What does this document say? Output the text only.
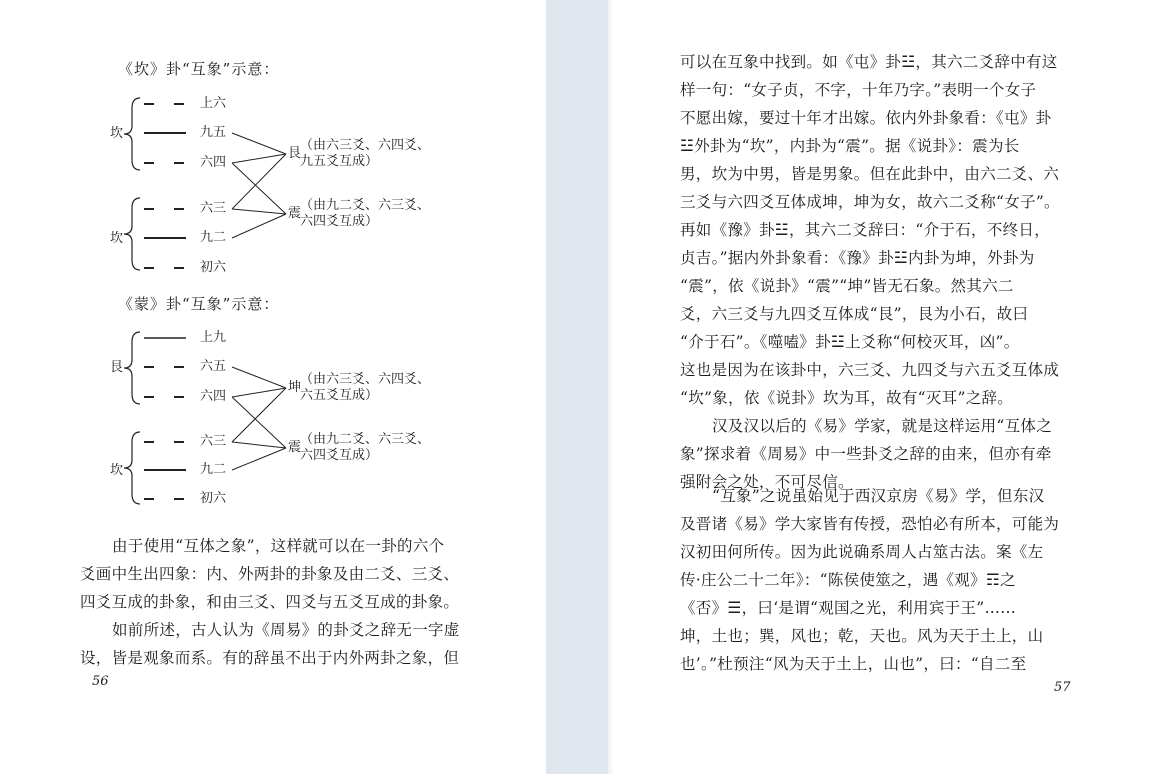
《坎》卦“互象”示意：
坎
坎
上六
九五
六四
六三
九二
初六
艮
（由六三爻、六四爻、
九五爻互成）
震
（由九二爻、六三爻、
六四爻互成）
《蒙》卦“互象”示意：
艮
坎
上九
六五
六四
六三
九二
初六
坤
（由六三爻、六四爻、
六五爻互成）
震
（由九二爻、六三爻、
六四爻互成）
由于使用“互体之象”，这样就可以在一卦的六个
爻画中生出四象：内、外两卦的卦象及由二爻、三爻、
四爻互成的卦象，和由三爻、四爻与五爻互成的卦象。
如前所述，古人认为《周易》的卦爻之辞无一字虚
设，皆是观象而系。有的辞虽不出于内外两卦之象，但
56
可以在互象中找到。如《屯》卦☳，其六二爻辞中有这
样一句：“女子贞，不字，十年乃字。”表明一个女子
不愿出嫁，要过十年才出嫁。依内外卦象看：《屯》卦
☳外卦为“坎”，内卦为“震”。据《说卦》：震为长
男，坎为中男，皆是男象。但在此卦中，由六二爻、六
三爻与六四爻互体成坤，坤为女，故六二爻称“女子”。
再如《豫》卦☳，其六二爻辞曰：“介于石，不终日，
贞吉。”据内外卦象看：《豫》卦☳内卦为坤，外卦为
“震”，依《说卦》“震”“坤”皆无石象。然其六二
爻，六三爻与九四爻互体成“艮”，艮为小石，故曰
“介于石”。《噬嗑》卦☳上爻称“何校灭耳，凶”。
这也是因为在该卦中，六三爻、九四爻与六五爻互体成
“坎”象，依《说卦》坎为耳，故有“灭耳”之辞。
汉及汉以后的《易》学家，就是这样运用“互体之
象”探求着《周易》中一些卦爻之辞的由来，但亦有牵
强附会之处，不可尽信。
“互象”之说虽始见于西汉京房《易》学，但东汉
及晋诸《易》学大家皆有传授，恐怕必有所本，可能为
汉初田何所传。因为此说确系周人占筮古法。案《左
传·庄公二十二年》：“陈侯使筮之，遇《观》☶之
《否》☰，曰‘是谓“观国之光，利用宾于王”……
坤，土也；巽，风也；乾，天也。风为天于土上，山
也’。”杜预注“风为天于土上，山也”，曰：“自二至
57
